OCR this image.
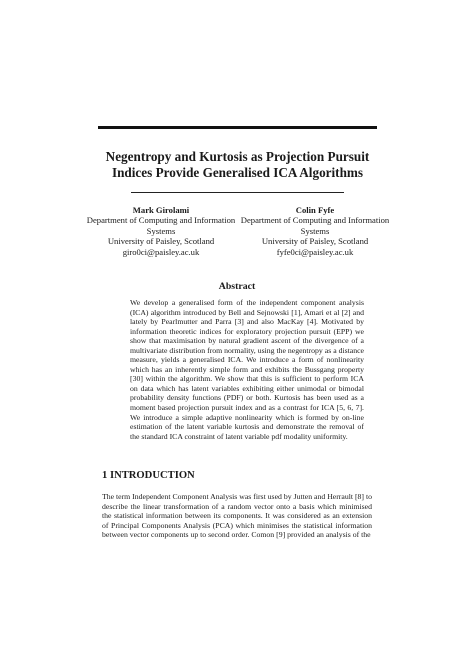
Negentropy and Kurtosis as Projection Pursuit
Indices Provide Generalised ICA Algorithms
Mark Girolami
Department of Computing and Information
Systems
University of Paisley, Scotland
giro0ci@paisley.ac.uk
Colin Fyfe
Department of Computing and Information
Systems
University of Paisley, Scotland
fyfe0ci@paisley.ac.uk
Abstract
We develop a generalised form of the independent component analysis (ICA) algorithm introduced by Bell and Sejnowski [1], Amari et al [2] and lately by Pearlmutter and Parra [3] and also MacKay [4]. Motivated by information theoretic indices for exploratory projection pursuit (EPP) we show that maximisation by natural gradient ascent of the divergence of a multivariate distribution from normality, using the negentropy as a distance measure, yields a generalised ICA. We introduce a form of nonlinearity which has an inherently simple form and exhibits the Bussgang property [30] within the algorithm. We show that this is sufficient to perform ICA on data which has latent variables exhibiting either unimodal or bimodal probability density functions (PDF) or both. Kurtosis has been used as a moment based projection pursuit index and as a contrast for ICA [5, 6, 7]. We introduce a simple adaptive nonlinearity which is formed by on-line estimation of the latent variable kurtosis and demonstrate the removal of the standard ICA constraint of latent variable pdf modality uniformity.
1 INTRODUCTION
The term Independent Component Analysis was first used by Jutten and Herrault [8] to describe the linear transformation of a random vector onto a basis which minimised the statistical information between its components. It was considered as an extension of Principal Components Analysis (PCA) which minimises the statistical information between vector components up to second order. Comon [9] provided an analysis of the
